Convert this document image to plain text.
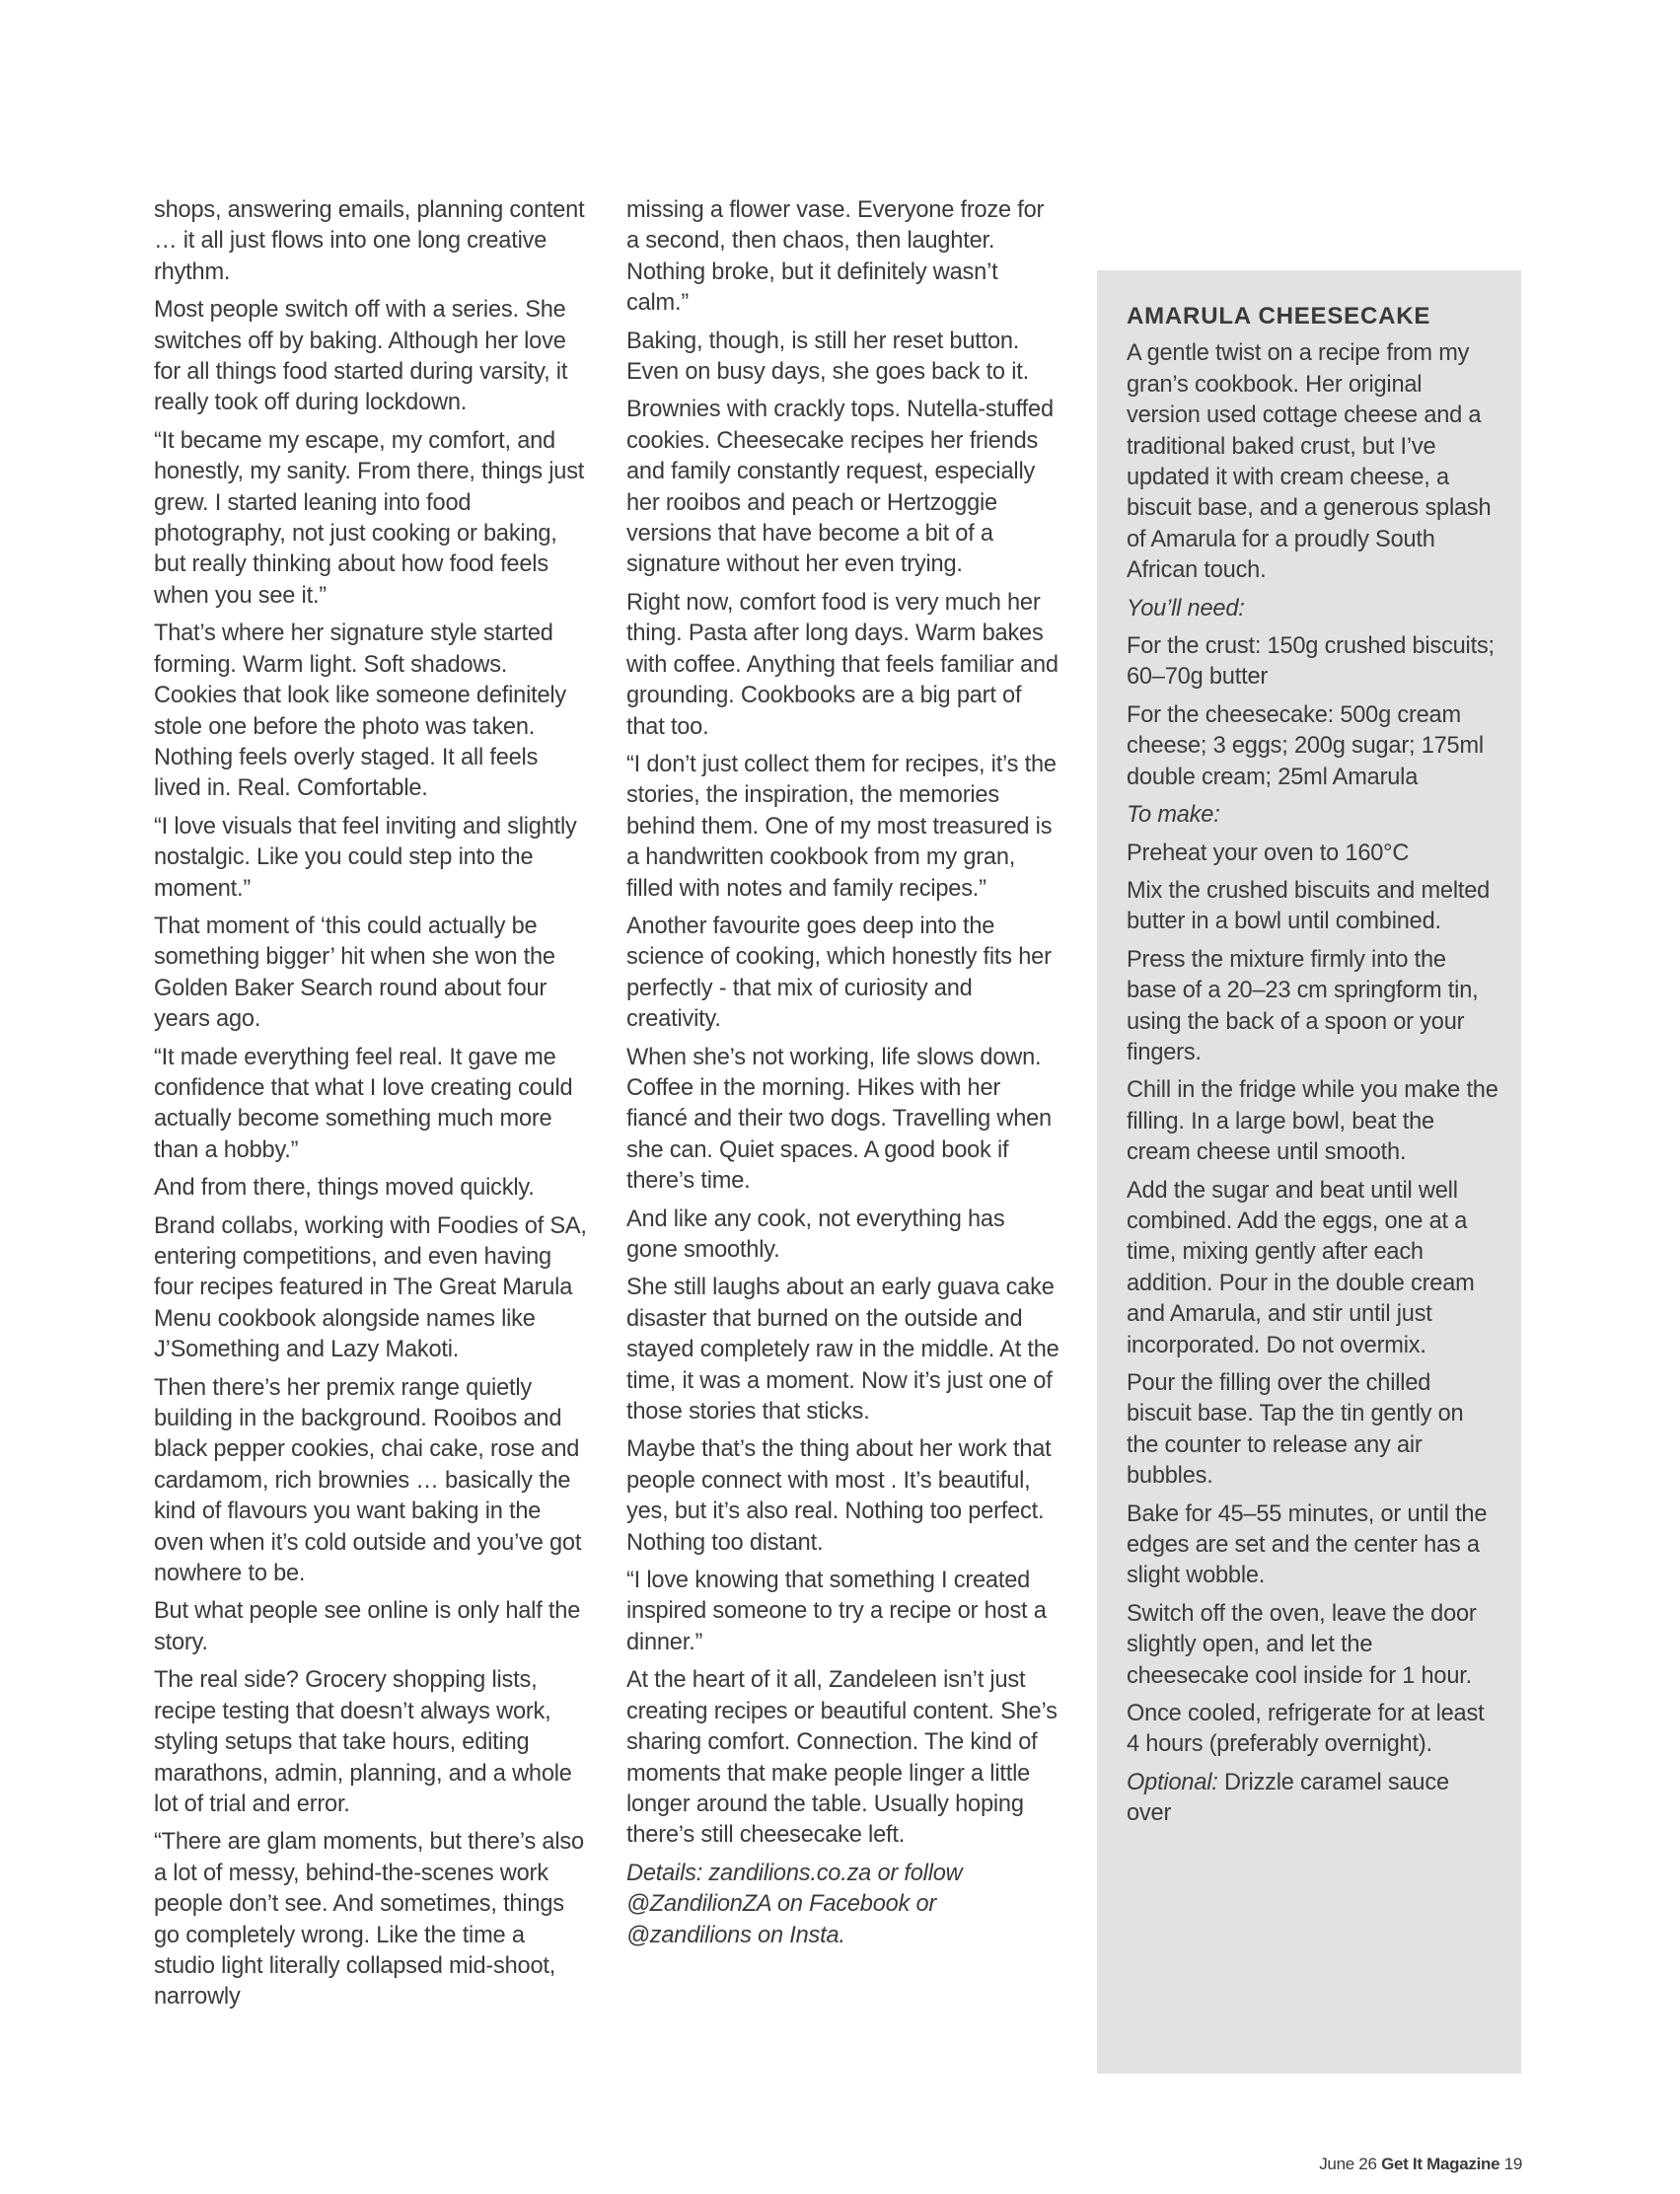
shops, answering emails, planning content … it all just flows into one long creative rhythm.

Most people switch off with a series. She switches off by baking. Although her love for all things food started during varsity, it really took off during lockdown.

“It became my escape, my comfort, and honestly, my sanity. From there, things just grew. I started leaning into food photography, not just cooking or baking, but really thinking about how food feels when you see it.”

That’s where her signature style started forming. Warm light. Soft shadows. Cookies that look like someone definitely stole one before the photo was taken. Nothing feels overly staged. It all feels lived in. Real. Comfortable.

“I love visuals that feel inviting and slightly nostalgic. Like you could step into the moment.”

That moment of ‘this could actually be something bigger’ hit when she won the Golden Baker Search round about four years ago.

“It made everything feel real. It gave me confidence that what I love creating could actually become something much more than a hobby.”

And from there, things moved quickly.

Brand collabs, working with Foodies of SA, entering competitions, and even having four recipes featured in The Great Marula Menu cookbook alongside names like J’Something and Lazy Makoti.

Then there’s her premix range quietly building in the background. Rooibos and black pepper cookies, chai cake, rose and cardamom, rich brownies … basically the kind of flavours you want baking in the oven when it’s cold outside and you’ve got nowhere to be.

But what people see online is only half the story.

The real side? Grocery shopping lists, recipe testing that doesn’t always work, styling setups that take hours, editing marathons, admin, planning, and a whole lot of trial and error.

“There are glam moments, but there’s also a lot of messy, behind-the-scenes work people don’t see. And sometimes, things go completely wrong. Like the time a studio light literally collapsed mid-shoot, narrowly

missing a flower vase. Everyone froze for a second, then chaos, then laughter. Nothing broke, but it definitely wasn’t calm.”

Baking, though, is still her reset button. Even on busy days, she goes back to it.

Brownies with crackly tops. Nutella-stuffed cookies. Cheesecake recipes her friends and family constantly request, especially her rooibos and peach or Hertzoggie versions that have become a bit of a signature without her even trying.

Right now, comfort food is very much her thing. Pasta after long days. Warm bakes with coffee. Anything that feels familiar and grounding. Cookbooks are a big part of that too.

“I don’t just collect them for recipes, it’s the stories, the inspiration, the memories behind them. One of my most treasured is a handwritten cookbook from my gran, filled with notes and family recipes.”

Another favourite goes deep into the science of cooking, which honestly fits her perfectly - that mix of curiosity and creativity.

When she’s not working, life slows down. Coffee in the morning. Hikes with her fiancé and their two dogs. Travelling when she can. Quiet spaces. A good book if there’s time.

And like any cook, not everything has gone smoothly.

She still laughs about an early guava cake disaster that burned on the outside and stayed completely raw in the middle. At the time, it was a moment. Now it’s just one of those stories that sticks.

Maybe that’s the thing about her work that people connect with most . It’s beautiful, yes, but it’s also real. Nothing too perfect. Nothing too distant.

“I love knowing that something I created inspired someone to try a recipe or host a dinner.”

At the heart of it all, Zandeleen isn’t just creating recipes or beautiful content. She’s sharing comfort. Connection. The kind of moments that make people linger a little longer around the table. Usually hoping there’s still cheesecake left.

Details: zandilions.co.za or follow @ZandilionZA on Facebook or @zandilions on Insta.

AMARULA CHEESECAKE

A gentle twist on a recipe from my gran’s cookbook. Her original version used cottage cheese and a traditional baked crust, but I’ve updated it with cream cheese, a biscuit base, and a generous splash of Amarula for a proudly South African touch.

You’ll need:

For the crust: 150g crushed biscuits; 60–70g butter

For the cheesecake: 500g cream cheese; 3 eggs; 200g sugar; 175ml double cream; 25ml Amarula

To make:

Preheat your oven to 160°C

Mix the crushed biscuits and melted butter in a bowl until combined.

Press the mixture firmly into the base of a 20–23 cm springform tin, using the back of a spoon or your fingers.

Chill in the fridge while you make the filling. In a large bowl, beat the cream cheese until smooth.

Add the sugar and beat until well combined. Add the eggs, one at a time, mixing gently after each addition. Pour in the double cream and Amarula, and stir until just incorporated. Do not overmix.

Pour the filling over the chilled biscuit base. Tap the tin gently on the counter to release any air bubbles.

Bake for 45–55 minutes, or until the edges are set and the center has a slight wobble.

Switch off the oven, leave the door slightly open, and let the cheesecake cool inside for 1 hour.

Once cooled, refrigerate for at least 4 hours (preferably overnight).

Optional: Drizzle caramel sauce over

June 26 Get It Magazine 19
